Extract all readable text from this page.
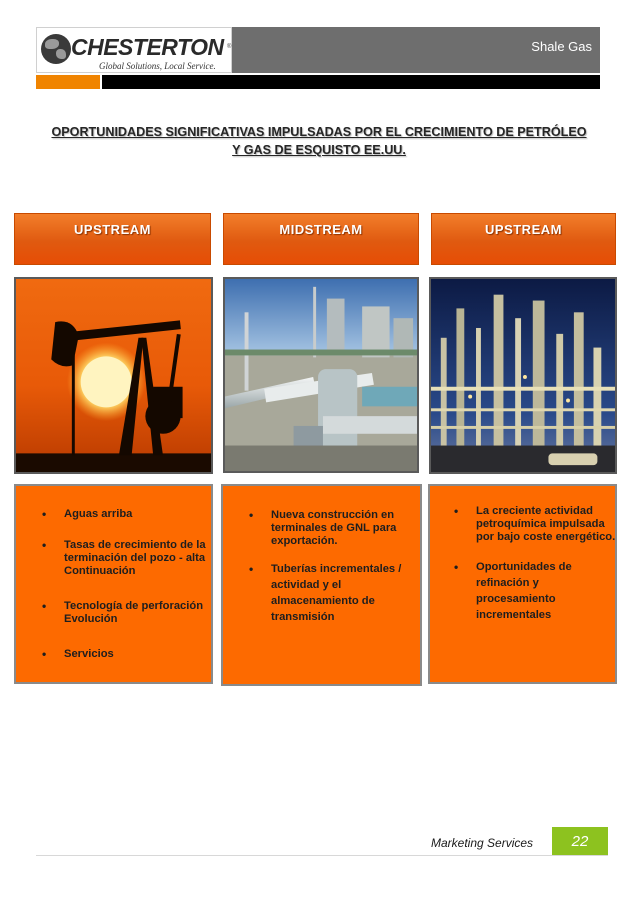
CHESTERTON ®
Global Solutions, Local Service.
Shale Gas
OPORTUNIDADES SIGNIFICATIVAS IMPULSADAS POR EL CRECIMIENTO DE PETRÓLEO
Y GAS DE ESQUISTO EE.UU.
UPSTREAM	MIDSTREAM	UPSTREAM
• Aguas arriba
• Tasas de crecimiento de la terminación del pozo - alta Continuación
• Tecnología de perforación Evolución
• Servicios
• Nueva construcción en terminales de GNL para exportación.
• Tuberías incrementales / actividad y el almacenamiento de transmisión
• La creciente actividad petroquímica impulsada por bajo coste energético.
• Oportunidades de refinación y procesamiento incrementales
Marketing Services	22
